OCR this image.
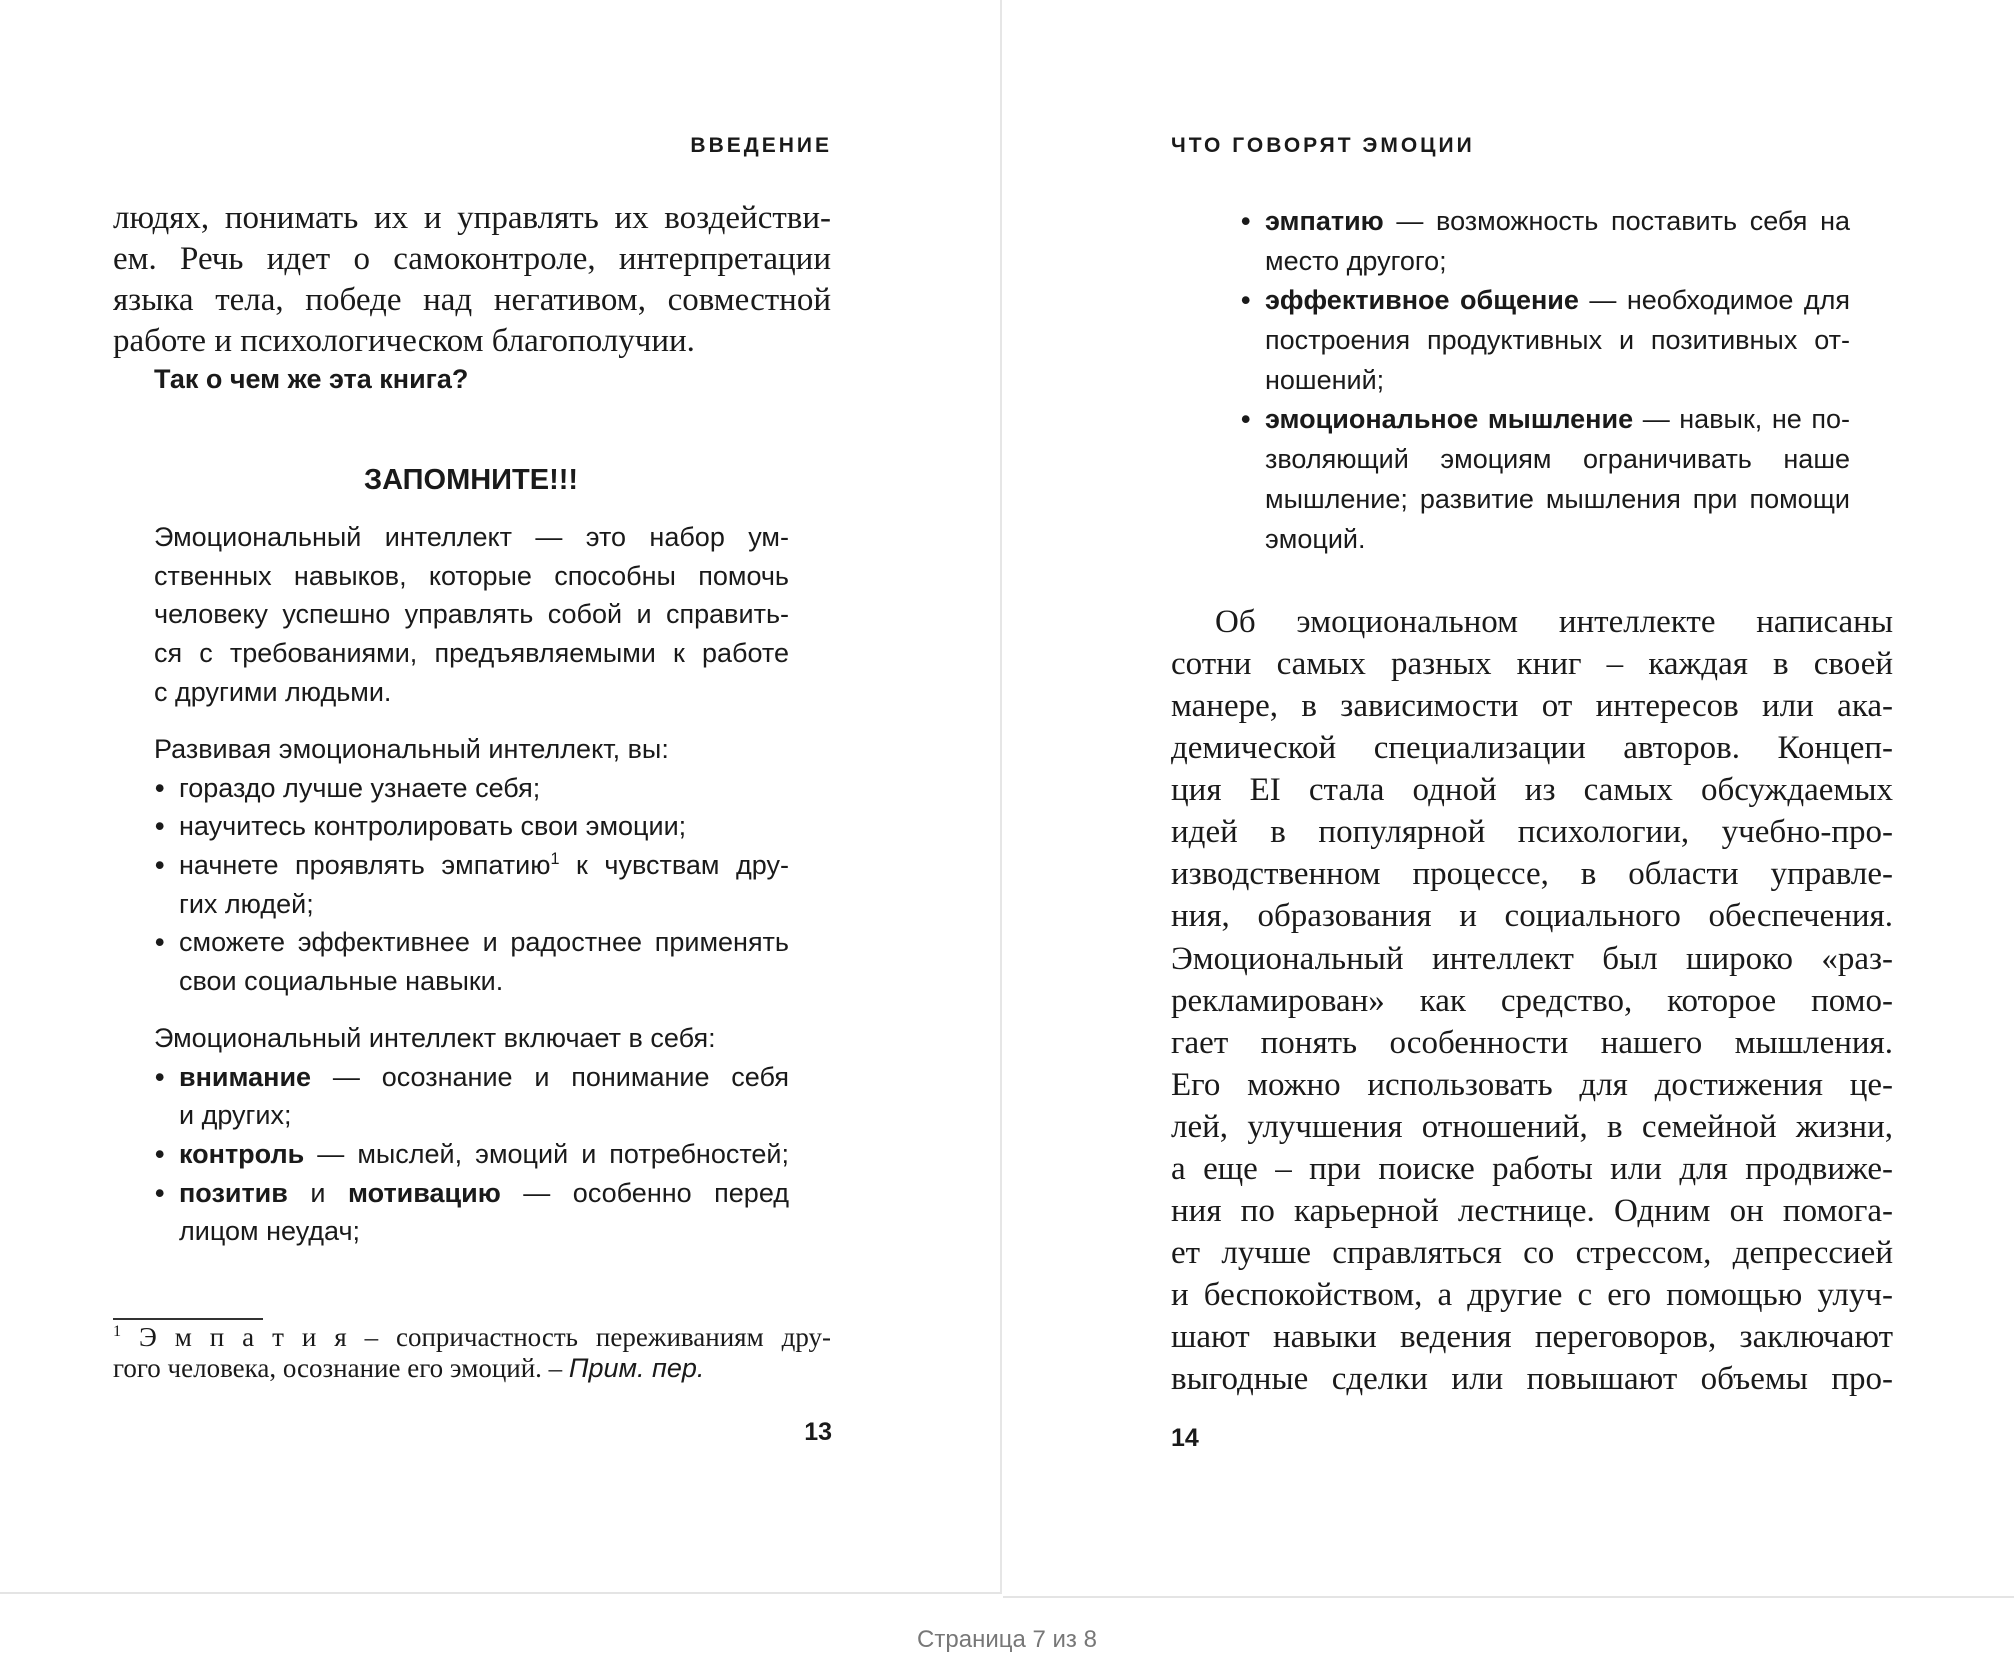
ВВЕДЕНИЕ
людях, понимать их и управлять их воздействи-
ем. Речь идет о самоконтроле, интерпретации
языка тела, победе над негативом, совместной
работе и психологическом благополучии.
Так о чем же эта книга?
ЗАПОМНИТЕ!!!
Эмоциональный интеллект — это набор ум-
ственных навыков, которые способны помочь
человеку успешно управлять собой и справить-
ся с требованиями, предъявляемыми к работе
с другими людьми.
Развивая эмоциональный интеллект, вы:
• гораздо лучше узнаете себя;
• научитесь контролировать свои эмоции;
• начнете проявлять эмпатию$^1$ к чувствам дру-
гих людей;
• сможете эффективнее и радостнее применять
свои социальные навыки.
Эмоциональный интеллект включает в себя:
• внимание — осознание и понимание себя
и других;
• контроль — мыслей, эмоций и потребностей;
• позитив и мотивацию — особенно перед
лицом неудач;
$^1$ Э м п а т и я – сопричастность переживаниям дру-
гого человека, осознание его эмоций. – Прим. пер.
13
ЧТО ГОВОРЯТ ЭМОЦИИ
• эмпатию — возможность поставить себя на
место другого;
• эффективное общение — необходимое для
построения продуктивных и позитивных от-
ношений;
• эмоциональное мышление — навык, не по-
зволяющий эмоциям ограничивать наше
мышление; развитие мышления при помощи
эмоций.
Об эмоциональном интеллекте написаны
сотни самых разных книг – каждая в своей
манере, в зависимости от интересов или ака-
демической специализации авторов. Концеп-
ция EI стала одной из самых обсуждаемых
идей в популярной психологии, учебно-про-
изводственном процессе, в области управле-
ния, образования и социального обеспечения.
Эмоциональный интеллект был широко «раз-
рекламирован» как средство, которое помо-
гает понять особенности нашего мышления.
Его можно использовать для достижения це-
лей, улучшения отношений, в семейной жизни,
а еще – при поиске работы или для продвиже-
ния по карьерной лестнице. Одним он помога-
ет лучше справляться со стрессом, депрессией
и беспокойством, а другие с его помощью улуч-
шают навыки ведения переговоров, заключают
выгодные сделки или повышают объемы про-
14
Страница 7 из 8
